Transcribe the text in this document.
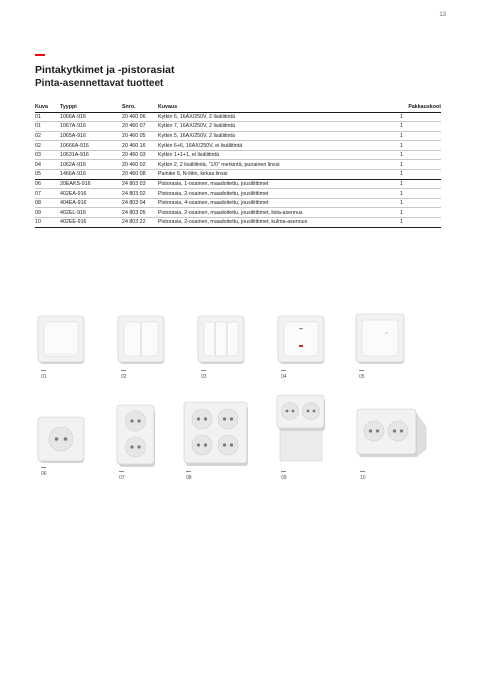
13
Pintakytkimet ja -pistorasiat
Pinta-asennettavat tuotteet
Kuva	Tyyppi	Snro.	Kuvaus	Pakkauskoot
01	1066A-916	20 460 06	Kytkin 6, 16AX/250V, 2 lisäliitintä	1
01	1067A-916	20 460 07	Kytkin 7, 16AX/250V, 2 lisäliitintä	1
02	1065A-916	20 460 05	Kytkin 5, 16AX/250V, 2 lisäliitintä	1
02	10666A-916	20 460 16	Kytkin 6+6, 16AX/250V, ei lisäliitintä	1
03	10631A-916	20 460 03	Kytkin 1+1+1, ei lisäliitintä	1
04	1062A-916	20 460 02	Kytkin 2, 2 lisäliitintä, "1/0" merkintä, punainen linssi	1
05	1466A-916	20 460 08	Painike 6, N-liitin, kirkas linssi	1
06	20EAKS-916	24 803 03	Pistorasia, 1-osainen, maadoitettu, jousiliittimet	1
07	402EA-916	24 803 02	Pistorasia, 2-osainen, maadoitettu, jousiliittimet	1
08	404EA-916	24 803 04	Pistorasia, 4-osainen, maadoitettu, jousiliittimet	1
09	402EL-916	24 803 05	Pistorasia, 2-osainen, maadoitettu, jousiliittimet, lista-asennus	1
10	402EE-916	24 803 22	Pistorasia, 2-osainen, maadoitettu, jousiliittimet, kulma-asennus	1
01	02	03	04	05
06
07	08	09	10
